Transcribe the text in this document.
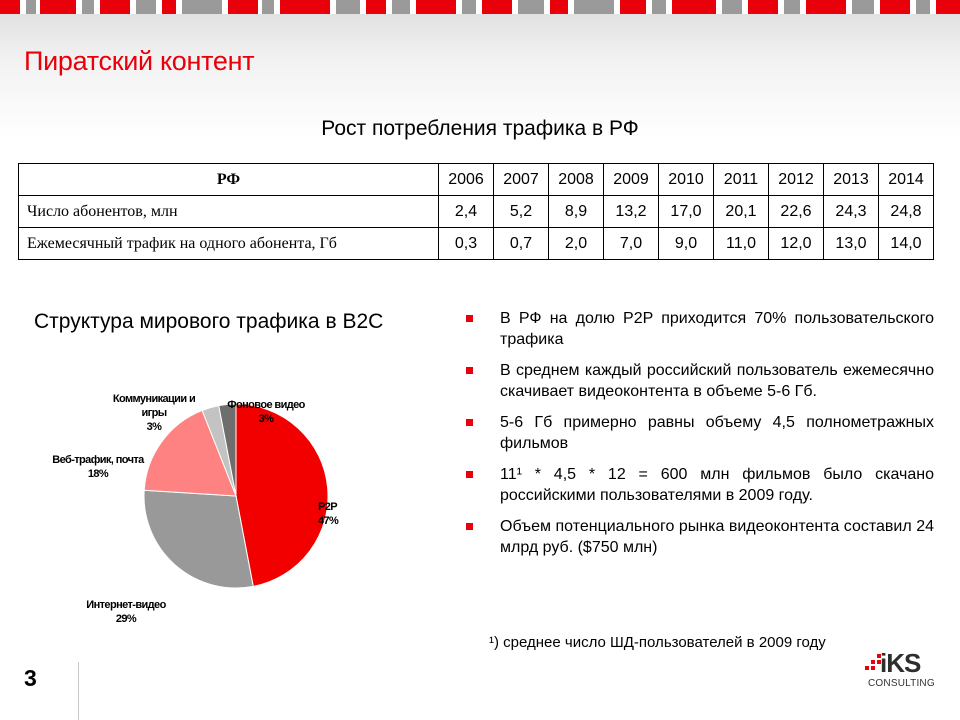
Пиратский контент
Рост потребления трафика в РФ
РФ	2006	2007	2008	2009	2010	2011	2012	2013	2014
Число абонентов, млн	2,4	5,2	8,9	13,2	17,0	20,1	22,6	24,3	24,8
Ежемесячный трафик на одного абонента, Гб	0,3	0,7	2,0	7,0	9,0	11,0	12,0	13,0	14,0
Структура мирового трафика в B2C
P2P
47%
Интернет-видео
29%
Веб-трафик, почта
18%
Коммуникации и игры
3%
Фоновое видео
3%
В РФ на долю P2P приходится 70% пользовательского трафика
В среднем каждый российский пользователь ежемесячно скачивает видеоконтента в объеме 5-6 Гб.
5-6 Гб примерно равны объему 4,5 полнометражных фильмов
11¹ * 4,5 * 12 = 600 млн фильмов было скачано российскими пользователями в 2009 году.
Объем потенциального рынка видеоконтента составил 24 млрд руб. ($750 млн)
¹) среднее число ШД-пользователей в 2009 году
3	iKS
CONSULTING
